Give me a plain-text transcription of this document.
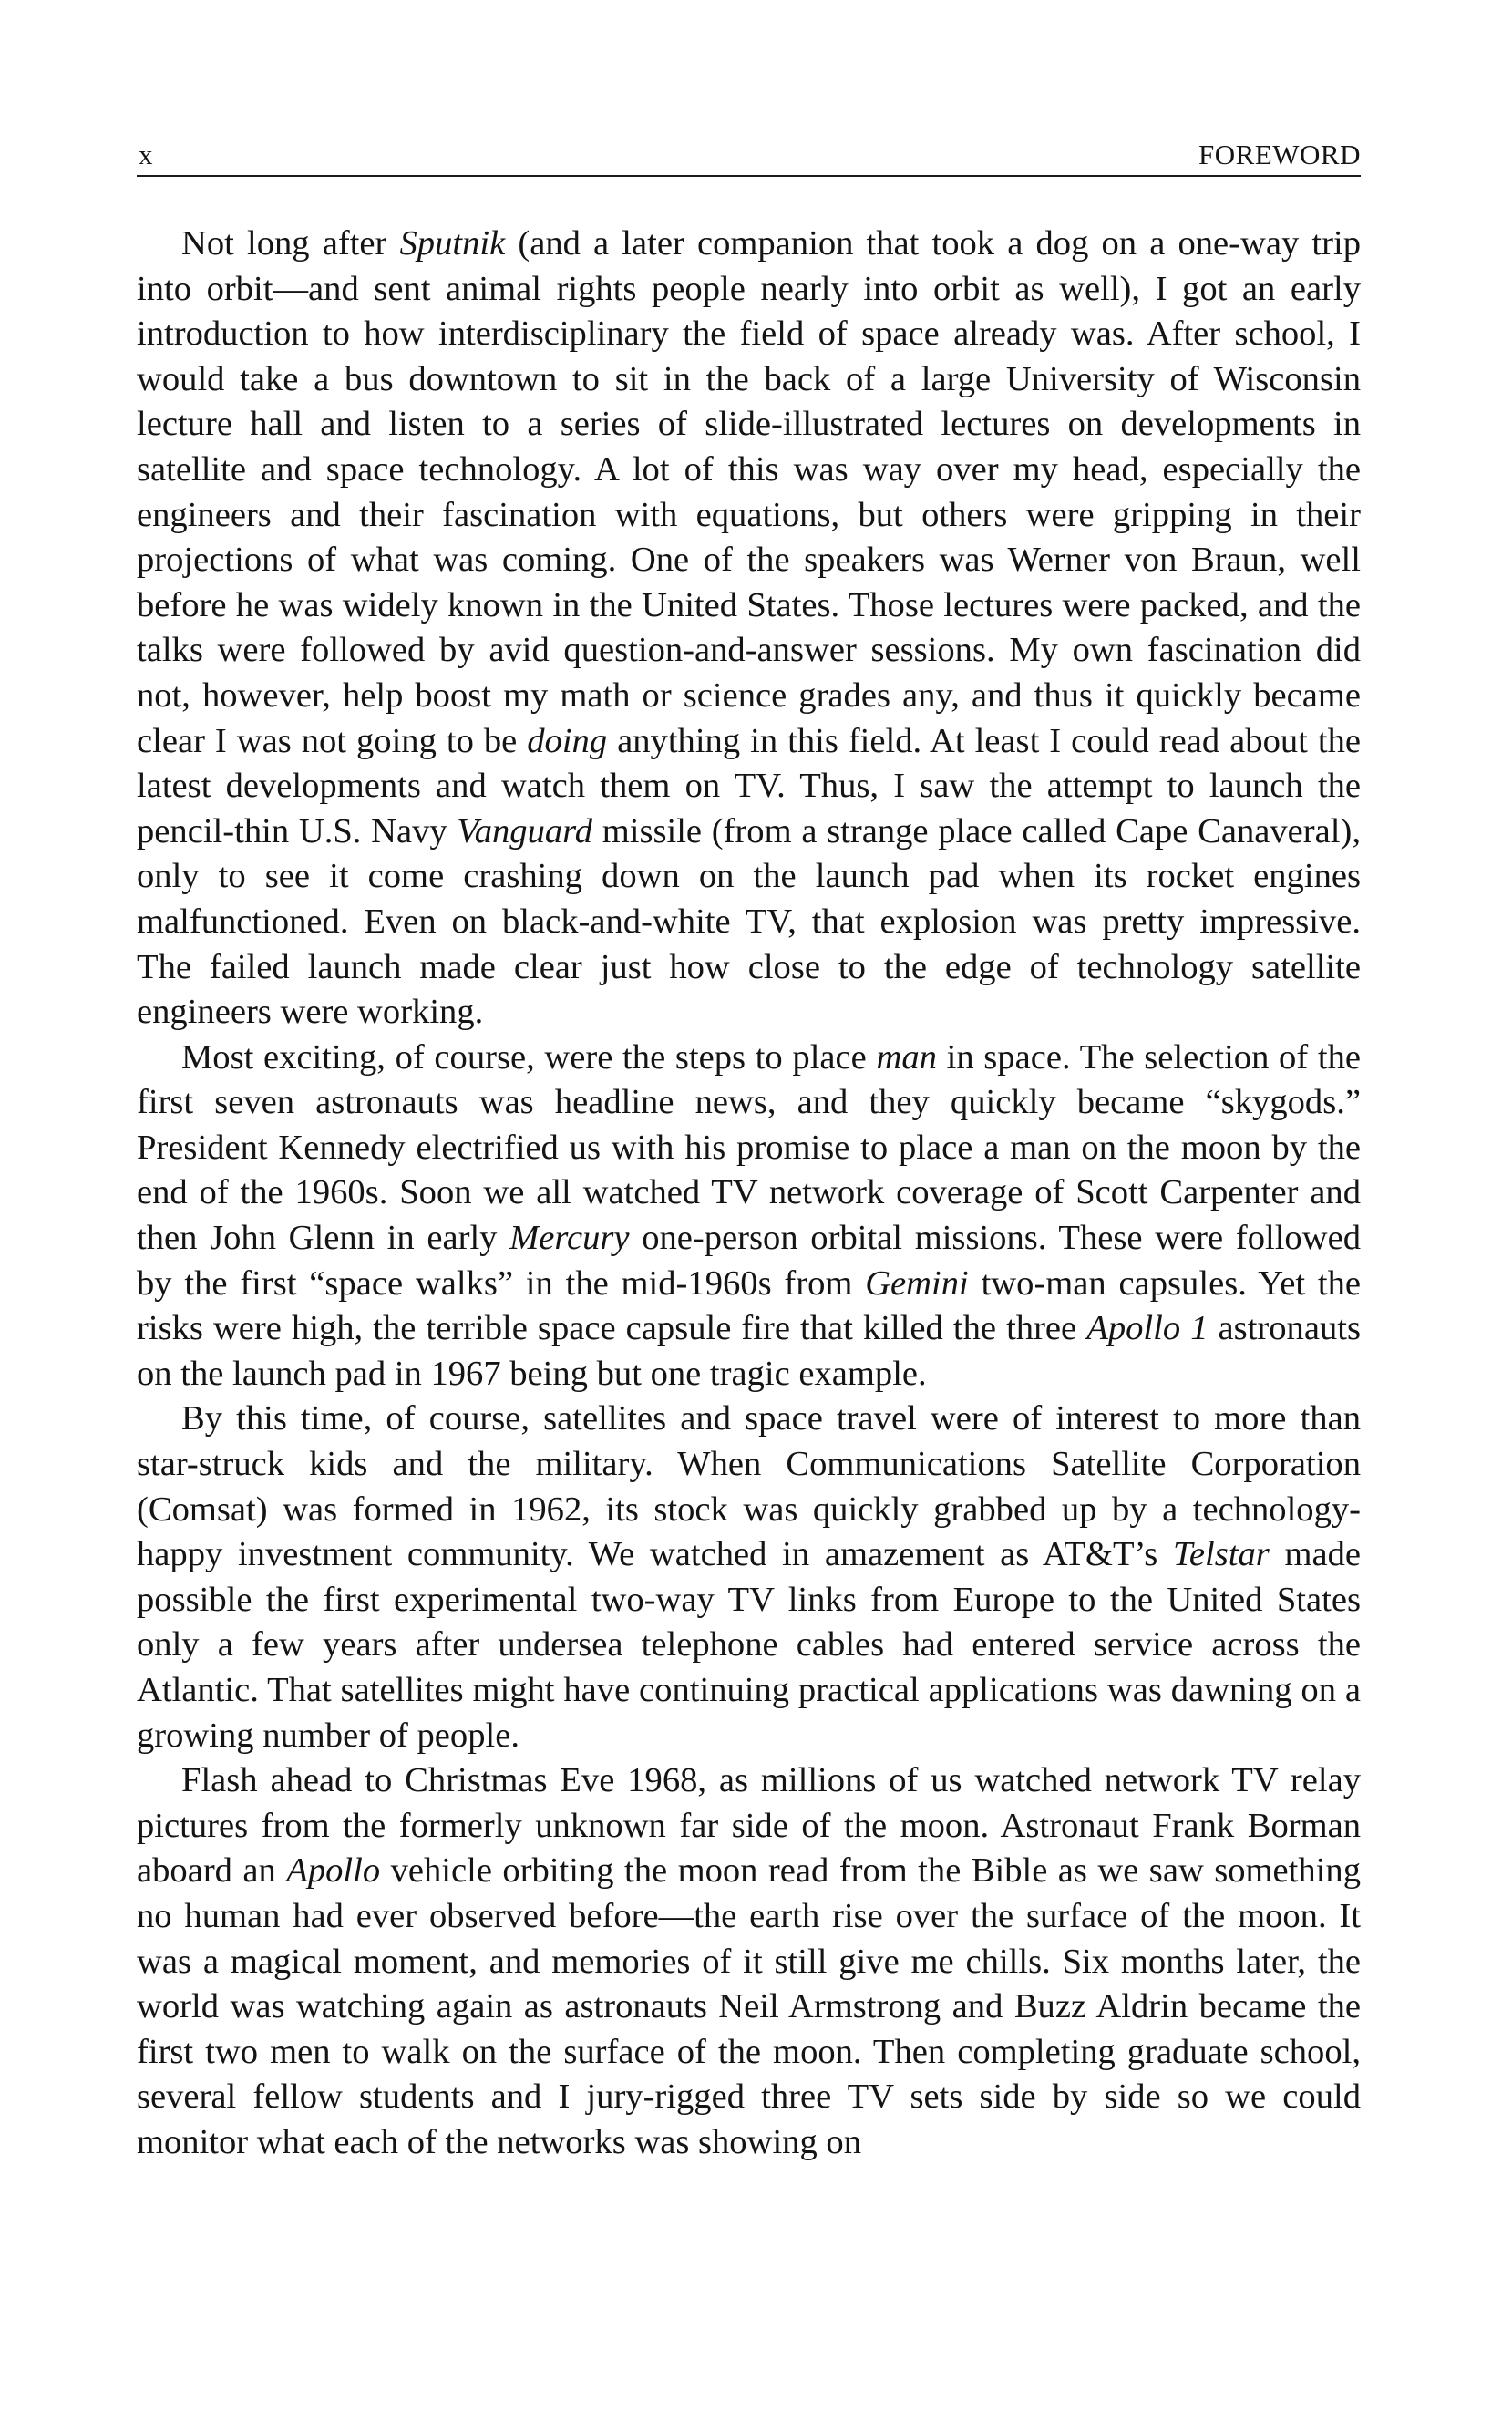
x	FOREWORD

Not long after Sputnik (and a later companion that took a dog on a one-way trip into orbit—and sent animal rights people nearly into orbit as well), I got an early introduction to how interdisciplinary the field of space already was. After school, I would take a bus downtown to sit in the back of a large University of Wisconsin lecture hall and listen to a series of slide-illustrated lectures on developments in satellite and space technology. A lot of this was way over my head, especially the engineers and their fascination with equations, but others were gripping in their projections of what was coming. One of the speakers was Werner von Braun, well before he was widely known in the United States. Those lectures were packed, and the talks were followed by avid question-and-answer sessions. My own fascination did not, however, help boost my math or science grades any, and thus it quickly became clear I was not going to be doing anything in this field. At least I could read about the latest developments and watch them on TV. Thus, I saw the attempt to launch the pencil-thin U.S. Navy Vanguard missile (from a strange place called Cape Canaveral), only to see it come crashing down on the launch pad when its rocket engines malfunctioned. Even on black-and-white TV, that explosion was pretty impressive. The failed launch made clear just how close to the edge of technology satellite engineers were working.

Most exciting, of course, were the steps to place man in space. The selection of the first seven astronauts was headline news, and they quickly became “skygods.” President Kennedy electrified us with his promise to place a man on the moon by the end of the 1960s. Soon we all watched TV network coverage of Scott Carpenter and then John Glenn in early Mercury one-person orbital missions. These were followed by the first “space walks” in the mid-1960s from Gemini two-man capsules. Yet the risks were high, the terrible space capsule fire that killed the three Apollo 1 astronauts on the launch pad in 1967 being but one tragic example.

By this time, of course, satellites and space travel were of interest to more than star-struck kids and the military. When Communications Satellite Corporation (Comsat) was formed in 1962, its stock was quickly grabbed up by a technology-happy investment community. We watched in amazement as AT&T’s Telstar made possible the first experimental two-way TV links from Europe to the United States only a few years after undersea telephone cables had entered service across the Atlantic. That satellites might have continuing practical applications was dawning on a growing number of people.

Flash ahead to Christmas Eve 1968, as millions of us watched network TV relay pictures from the formerly unknown far side of the moon. Astronaut Frank Borman aboard an Apollo vehicle orbiting the moon read from the Bible as we saw something no human had ever observed before—the earth rise over the surface of the moon. It was a magical moment, and memories of it still give me chills. Six months later, the world was watching again as astronauts Neil Armstrong and Buzz Aldrin became the first two men to walk on the surface of the moon. Then completing graduate school, several fellow students and I jury-rigged three TV sets side by side so we could monitor what each of the networks was showing on
